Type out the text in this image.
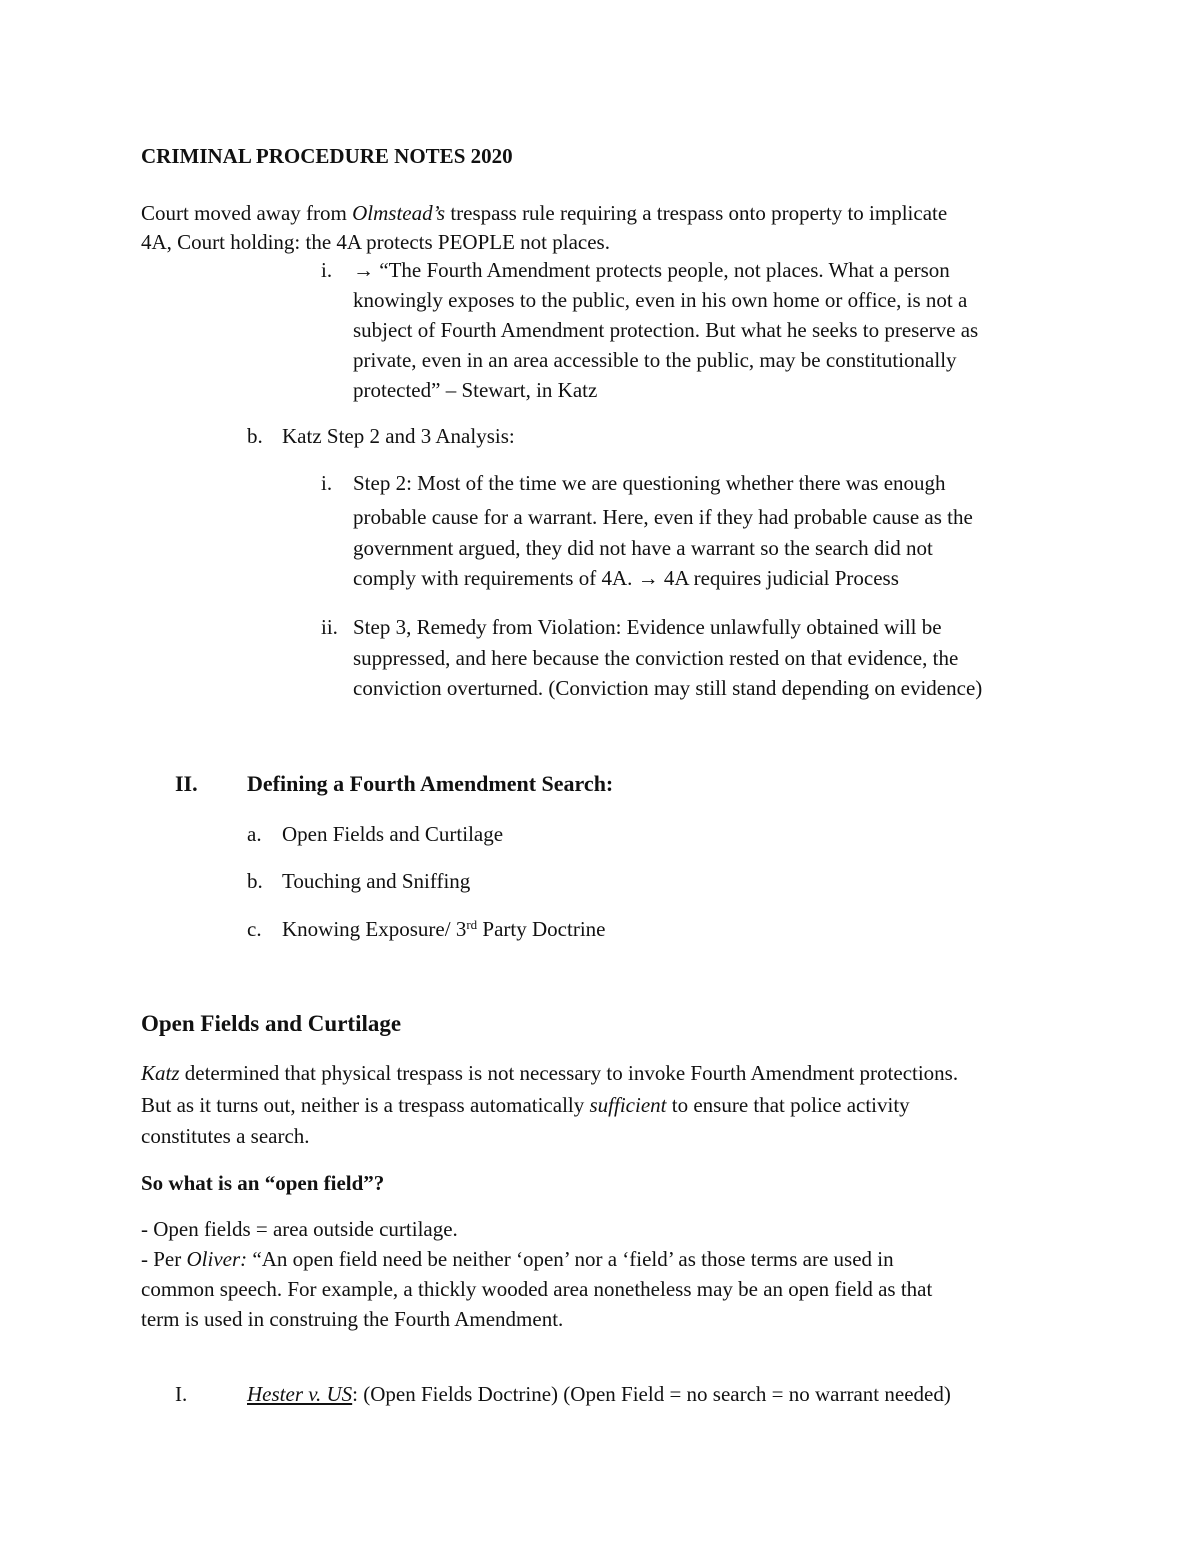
CRIMINAL PROCEDURE NOTES 2020
Court moved away from Olmstead’s trespass rule requiring a trespass onto property to implicate
4A, Court holding: the 4A protects PEOPLE not places.
i. → “The Fourth Amendment protects people, not places. What a person
knowingly exposes to the public, even in his own home or office, is not a
subject of Fourth Amendment protection. But what he seeks to preserve as
private, even in an area accessible to the public, may be constitutionally
protected” – Stewart, in Katz
b. Katz Step 2 and 3 Analysis:
i. Step 2: Most of the time we are questioning whether there was enough
probable cause for a warrant. Here, even if they had probable cause as the
government argued, they did not have a warrant so the search did not
comply with requirements of 4A. → 4A requires judicial Process
ii. Step 3, Remedy from Violation: Evidence unlawfully obtained will be
suppressed, and here because the conviction rested on that evidence, the
conviction overturned. (Conviction may still stand depending on evidence)
II. Defining a Fourth Amendment Search:
a. Open Fields and Curtilage
b. Touching and Sniffing
c. Knowing Exposure/ 3rd Party Doctrine
Open Fields and Curtilage
Katz determined that physical trespass is not necessary to invoke Fourth Amendment protections.
But as it turns out, neither is a trespass automatically sufficient to ensure that police activity
constitutes a search.
So what is an “open field”?
- Open fields = area outside curtilage.
- Per Oliver: “An open field need be neither ‘open’ nor a ‘field’ as those terms are used in
common speech. For example, a thickly wooded area nonetheless may be an open field as that
term is used in construing the Fourth Amendment.
I.	Hester v. US: (Open Fields Doctrine) (Open Field = no search = no warrant needed)
